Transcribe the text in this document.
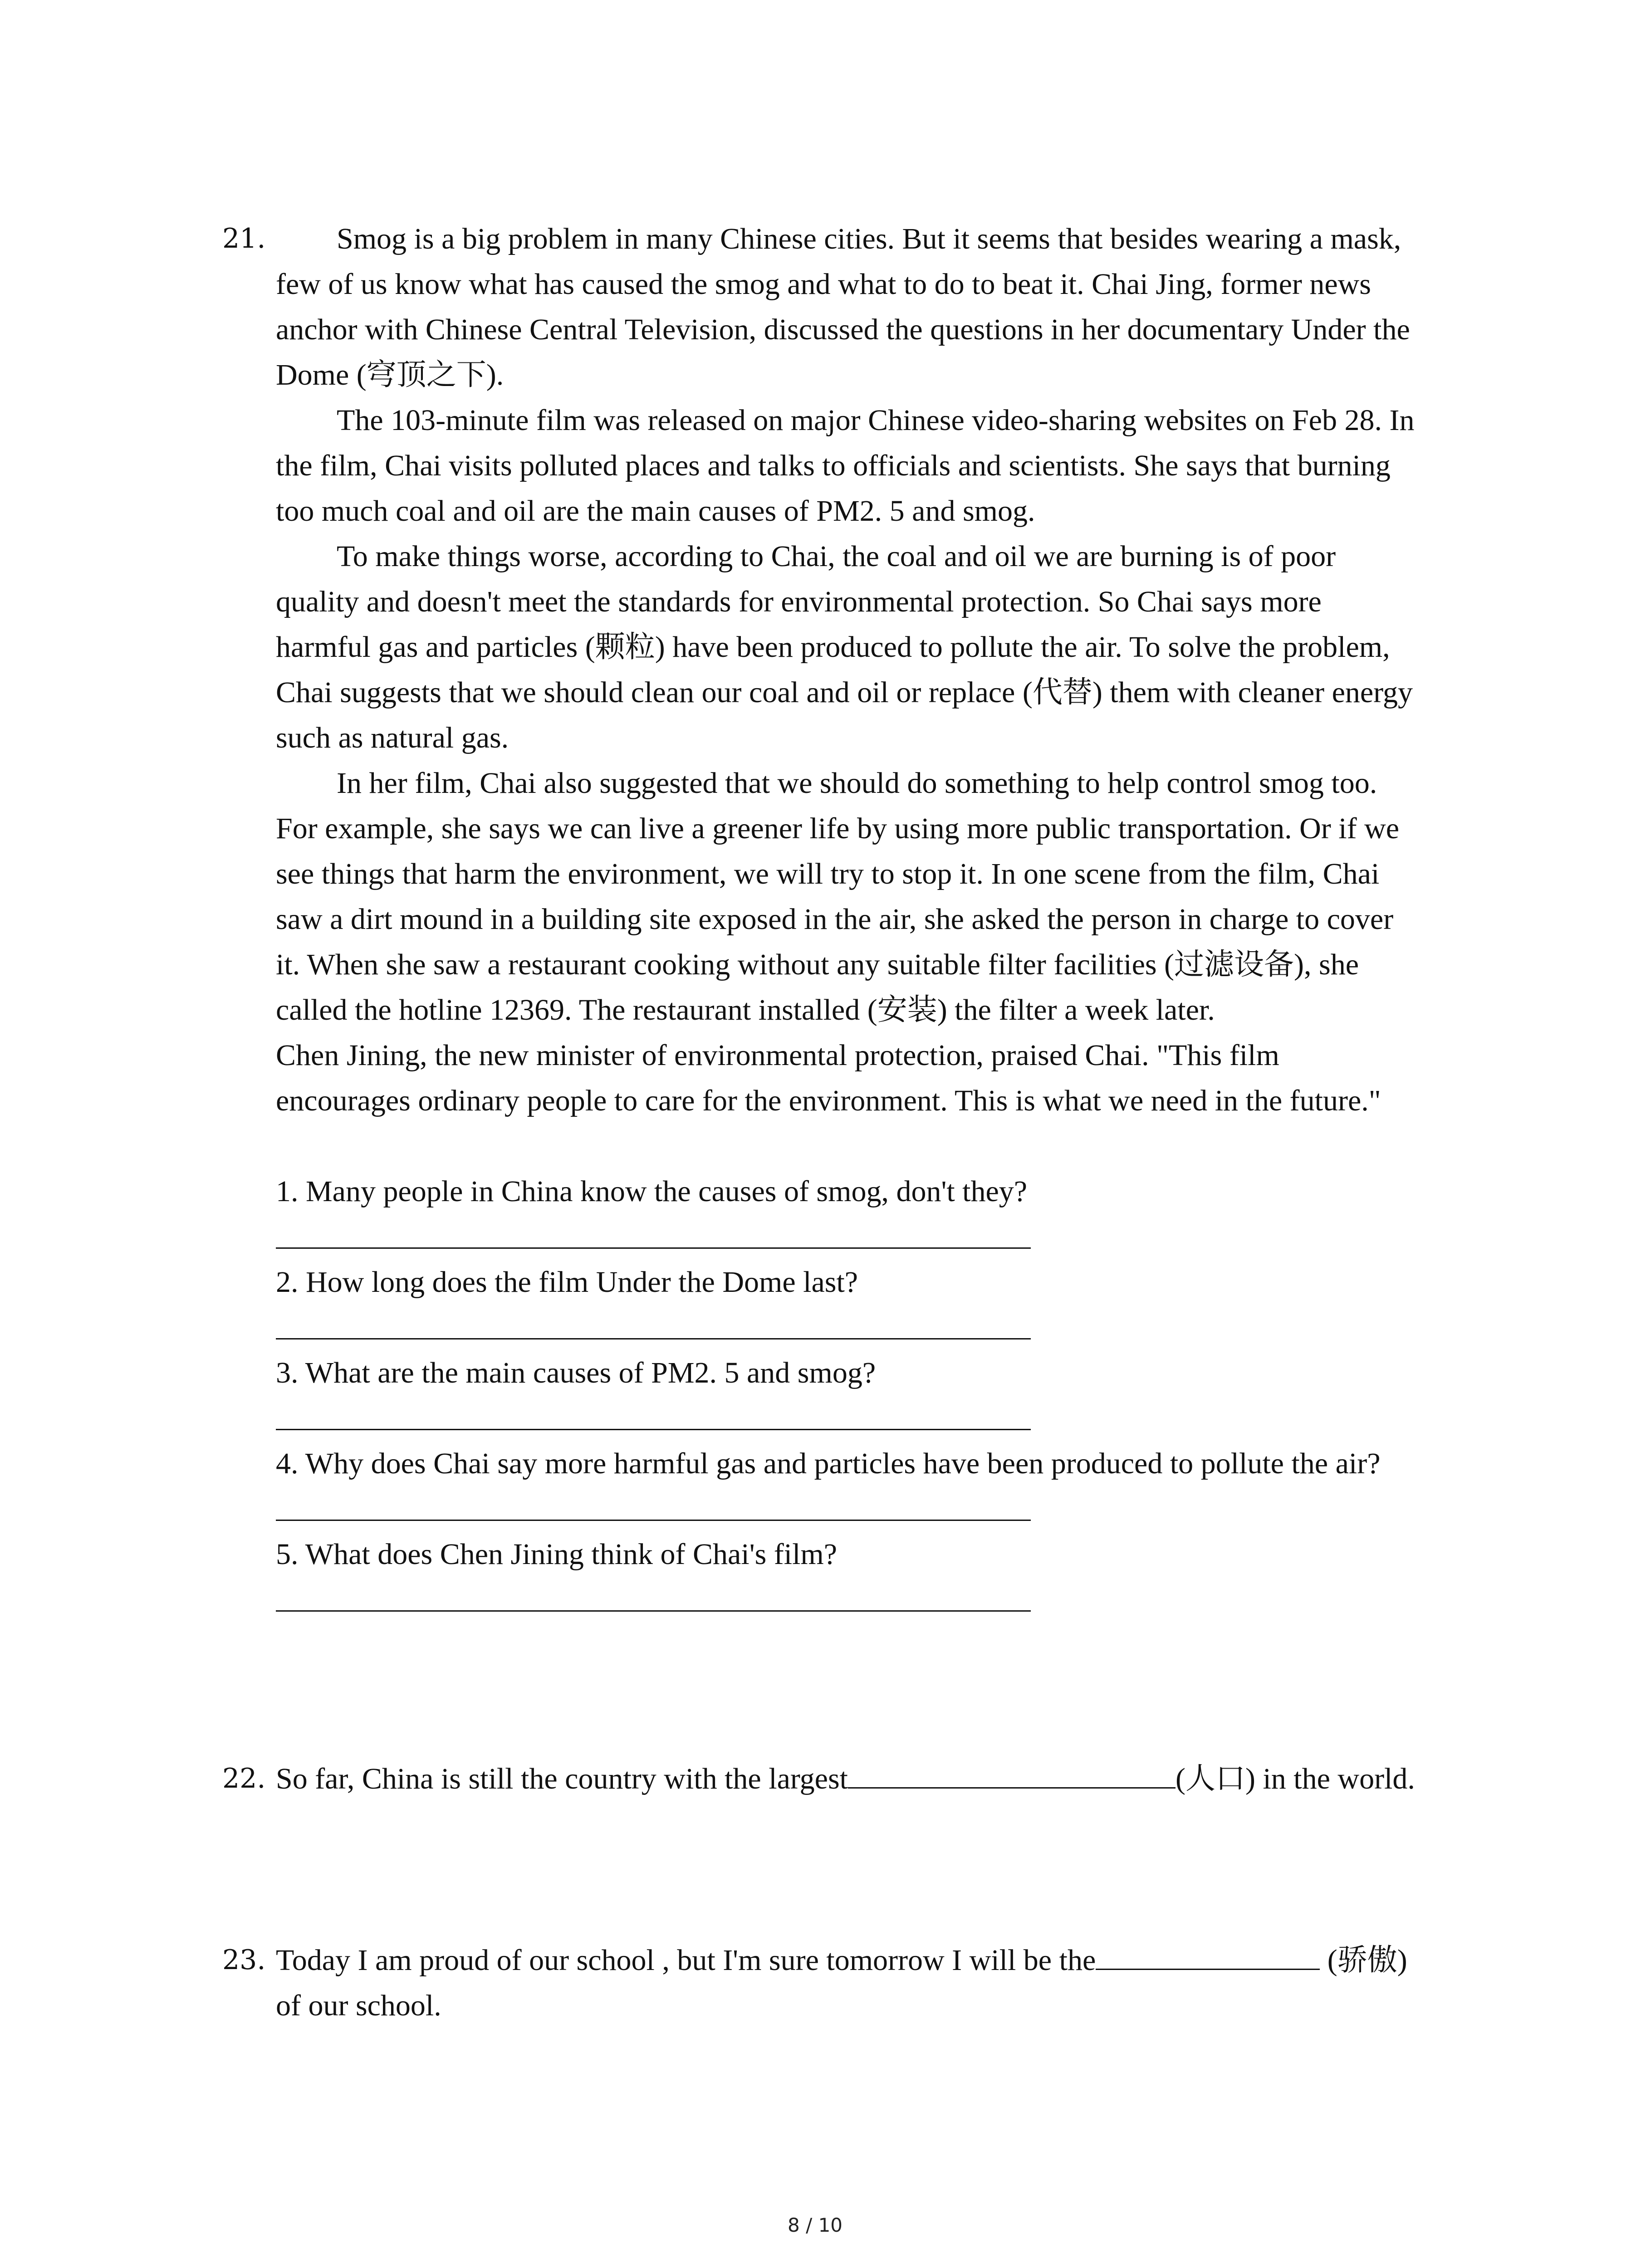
21. Smog is a big problem in many Chinese cities. But it seems that besides wearing a mask,
few of us know what has caused the smog and what to do to beat it. Chai Jing, former news
anchor with Chinese Central Television, discussed the questions in her documentary Under the
Dome (穹顶之下).
The 103-minute film was released on major Chinese video-sharing websites on Feb 28. In
the film, Chai visits polluted places and talks to officials and scientists. She says that burning
too much coal and oil are the main causes of PM2. 5 and smog.
To make things worse, according to Chai, the coal and oil we are burning is of poor
quality and doesn't meet the standards for environmental protection. So Chai says more
harmful gas and particles (颗粒) have been produced to pollute the air. To solve the problem,
Chai suggests that we should clean our coal and oil or replace (代替) them with cleaner energy
such as natural gas.
In her film, Chai also suggested that we should do something to help control smog too.
For example, she says we can live a greener life by using more public transportation. Or if we
see things that harm the environment, we will try to stop it. In one scene from the film, Chai
saw a dirt mound in a building site exposed in the air, she asked the person in charge to cover
it. When she saw a restaurant cooking without any suitable filter facilities (过滤设备), she
called the hotline 12369. The restaurant installed (安装) the filter a week later.
Chen Jining, the new minister of environmental protection, praised Chai. "This film
encourages ordinary people to care for the environment. This is what we need in the future."
1. Many people in China know the causes of smog, don't they?
2. How long does the film Under the Dome last?
3. What are the main causes of PM2. 5 and smog?
4. Why does Chai say more harmful gas and particles have been produced to pollute the air?
5. What does Chen Jining think of Chai's film?
22. So far, China is still the country with the largest	(人口) in the world.
23. Today I am proud of our school , but I'm sure tomorrow I will be the	(骄傲)
of our school.
8 / 10
